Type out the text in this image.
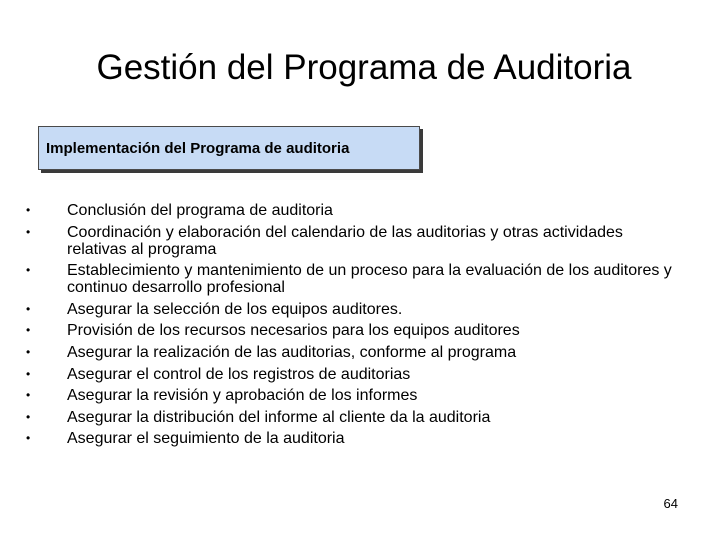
Gestión del Programa de Auditoria
Implementación del Programa de auditoria
•	Conclusión del programa de auditoria
•	Coordinación y elaboración del calendario de las auditorias y otras actividades relativas al programa
•	Establecimiento y mantenimiento de un proceso para la evaluación de los auditores y continuo desarrollo profesional
•	Asegurar la selección de los equipos auditores.
•	Provisión de los recursos necesarios para los equipos auditores
•	Asegurar la realización de las auditorias, conforme al programa
•	Asegurar el control de los registros de auditorias
•	Asegurar la revisión y aprobación de los informes
•	Asegurar la distribución del informe al cliente da la auditoria
•	Asegurar el seguimiento de la auditoria
64
